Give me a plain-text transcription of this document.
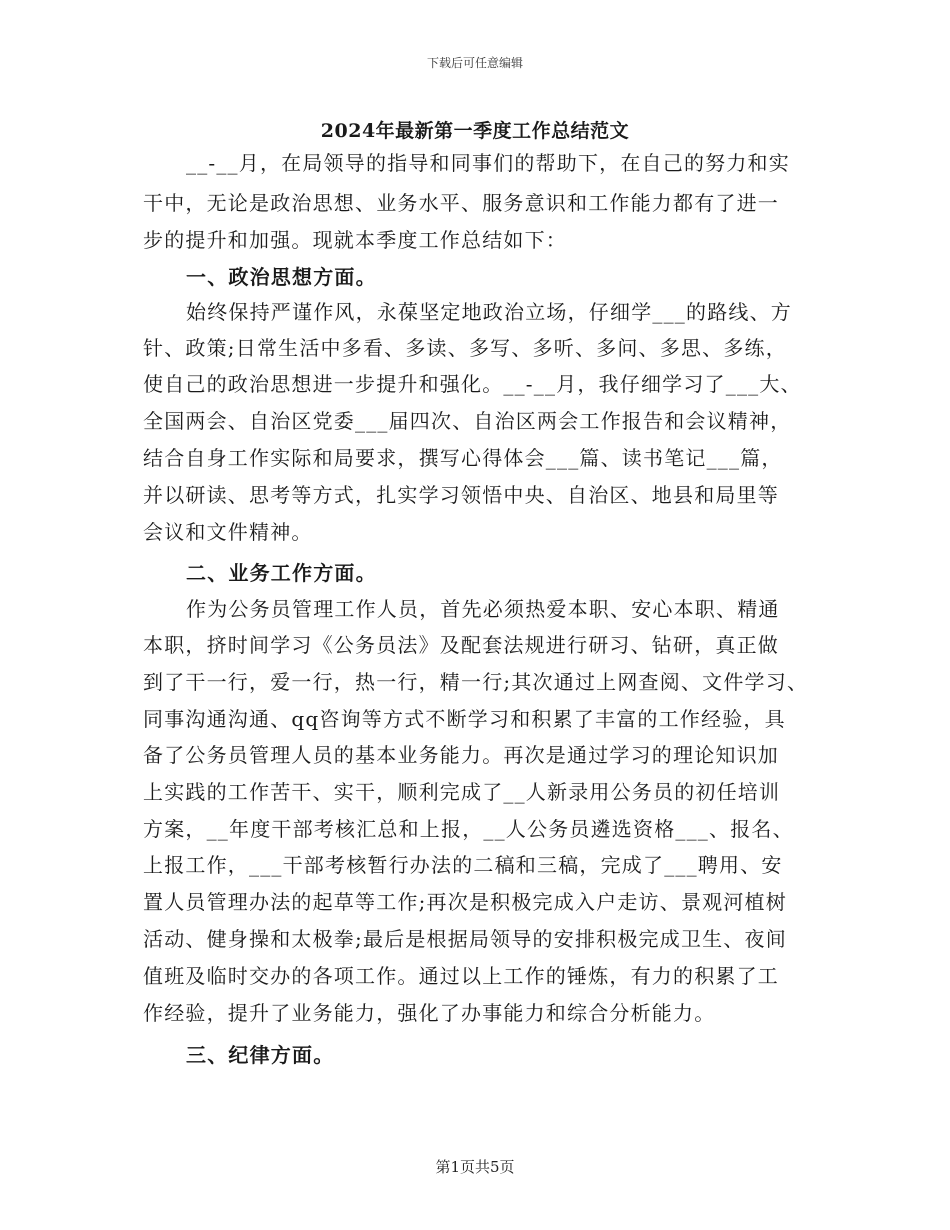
下载后可任意编辑
2024年最新第一季度工作总结范文
__-__月，在局领导的指导和同事们的帮助下，在自己的努力和实
干中，无论是政治思想、业务水平、服务意识和工作能力都有了进一
步的提升和加强。现就本季度工作总结如下：
一、政治思想方面。
始终保持严谨作风，永葆坚定地政治立场，仔细学___的路线、方
针、政策;日常生活中多看、多读、多写、多听、多问、多思、多练，
使自己的政治思想进一步提升和强化。__-__月，我仔细学习了___大、
全国两会、自治区党委___届四次、自治区两会工作报告和会议精神，
结合自身工作实际和局要求，撰写心得体会___篇、读书笔记___篇，
并以研读、思考等方式，扎实学习领悟中央、自治区、地县和局里等
会议和文件精神。
二、业务工作方面。
作为公务员管理工作人员，首先必须热爱本职、安心本职、精通
本职，挤时间学习《公务员法》及配套法规进行研习、钻研，真正做
到了干一行，爱一行，热一行，精一行;其次通过上网查阅、文件学习、
同事沟通沟通、qq咨询等方式不断学习和积累了丰富的工作经验，具
备了公务员管理人员的基本业务能力。再次是通过学习的理论知识加
上实践的工作苦干、实干，顺利完成了__人新录用公务员的初任培训
方案，__年度干部考核汇总和上报，__人公务员遴选资格___、报名、
上报工作，___干部考核暂行办法的二稿和三稿，完成了___聘用、安
置人员管理办法的起草等工作;再次是积极完成入户走访、景观河植树
活动、健身操和太极拳;最后是根据局领导的安排积极完成卫生、夜间
值班及临时交办的各项工作。通过以上工作的锤炼，有力的积累了工
作经验，提升了业务能力，强化了办事能力和综合分析能力。
三、纪律方面。
第1页共5页
